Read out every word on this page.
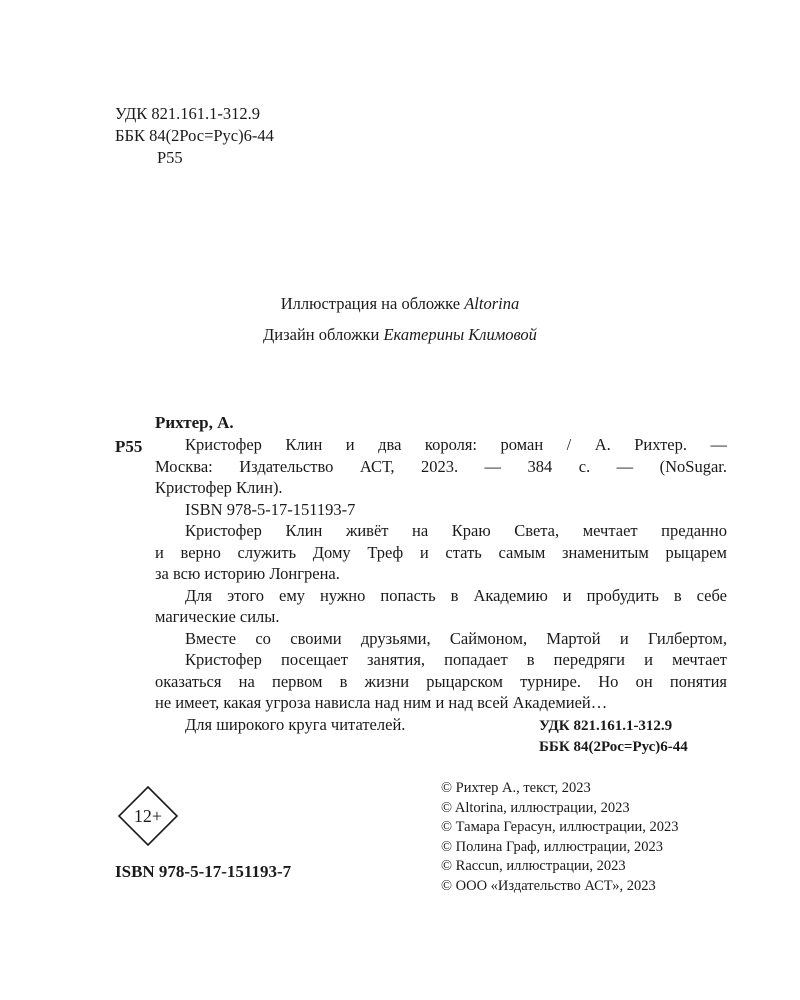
УДК 821.161.1-312.9
ББК 84(2Рос=Рус)6-44
Р55
Иллюстрация на обложке Altorina
Дизайн обложки Екатерины Климовой
Рихтер, А.
Р55	Кристофер Клин и два короля: роман / А. Рихтер. —
Москва: Издательство АСТ, 2023. — 384 с. — (NoSugar.
Кристофер Клин).
ISBN 978-5-17-151193-7
Кристофер Клин живёт на Краю Света, мечтает преданно
и верно служить Дому Треф и стать самым знаменитым рыцарем
за всю историю Лонгрена.
Для этого ему нужно попасть в Академию и пробудить в себе
магические силы.
Вместе со своими друзьями, Саймоном, Мартой и Гилбертом,
Кристофер посещает занятия, попадает в передряги и мечтает
оказаться на первом в жизни рыцарском турнире. Но он понятия
не имеет, какая угроза нависла над ним и над всей Академией…
Для широкого круга читателей.	УДК 821.161.1-312.9
ББК 84(2Рос=Рус)6-44
12+
ISBN 978-5-17-151193-7
© Рихтер А., текст, 2023
© Altorina, иллюстрации, 2023
© Тамара Герасун, иллюстрации, 2023
© Полина Граф, иллюстрации, 2023
© Raccun, иллюстрации, 2023
© ООО «Издательство АСТ», 2023
